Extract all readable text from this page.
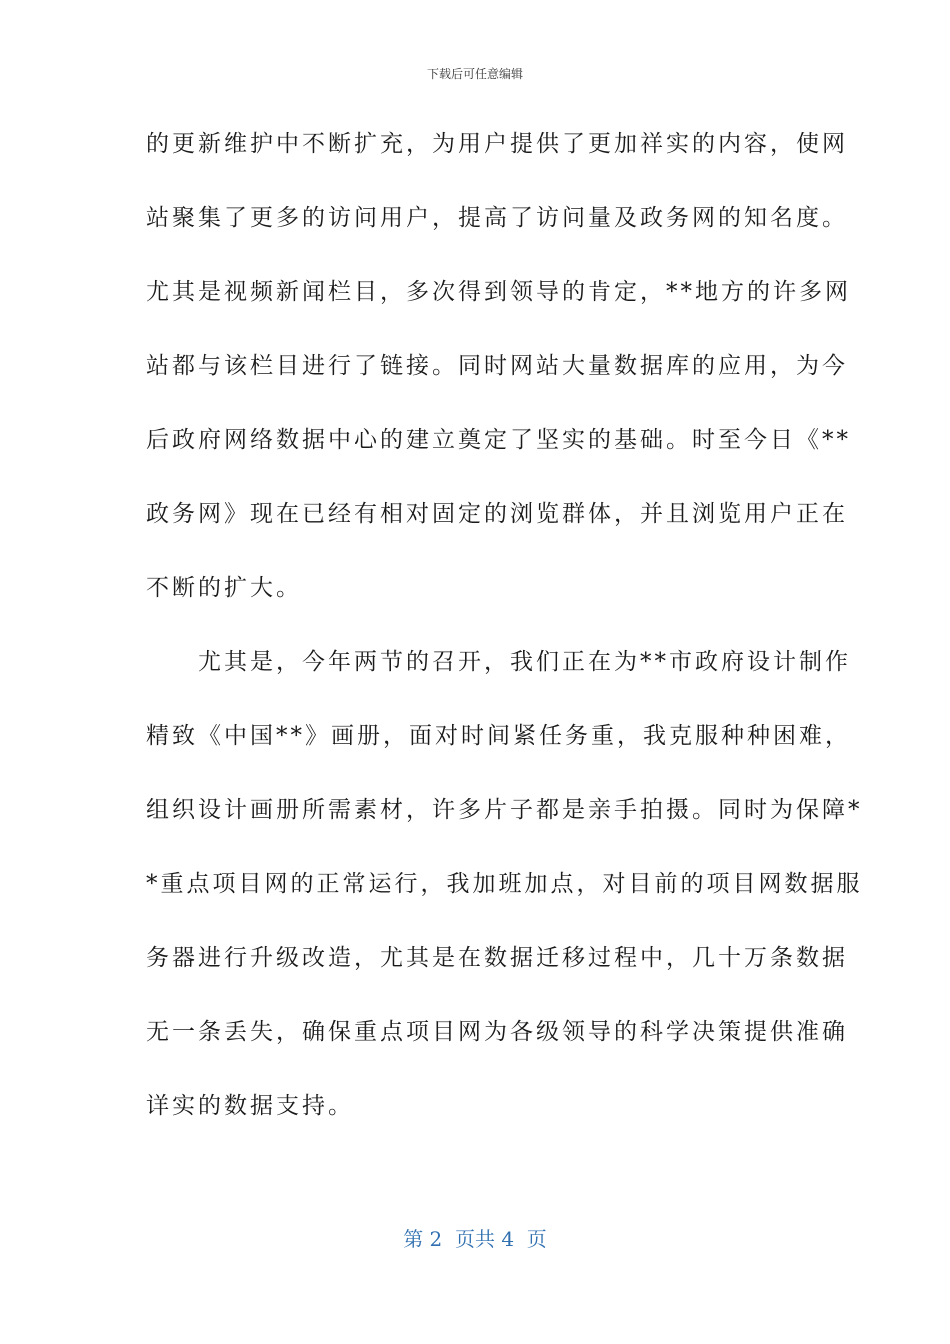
下载后可任意编辑
的更新维护中不断扩充，为用户提供了更加祥实的内容，使网
站聚集了更多的访问用户，提高了访问量及政务网的知名度。
尤其是视频新闻栏目，多次得到领导的肯定，**地方的许多网
站都与该栏目进行了链接。同时网站大量数据库的应用，为今
后政府网络数据中心的建立奠定了坚实的基础。时至今日《**
政务网》现在已经有相对固定的浏览群体，并且浏览用户正在
不断的扩大。
　　尤其是，今年两节的召开，我们正在为**市政府设计制作
精致《中国**》画册，面对时间紧任务重，我克服种种困难，
组织设计画册所需素材，许多片子都是亲手拍摄。同时为保障*
*重点项目网的正常运行，我加班加点，对目前的项目网数据服
务器进行升级改造，尤其是在数据迁移过程中，几十万条数据
无一条丢失，确保重点项目网为各级领导的科学决策提供准确
详实的数据支持。
第 2  页共 4  页
